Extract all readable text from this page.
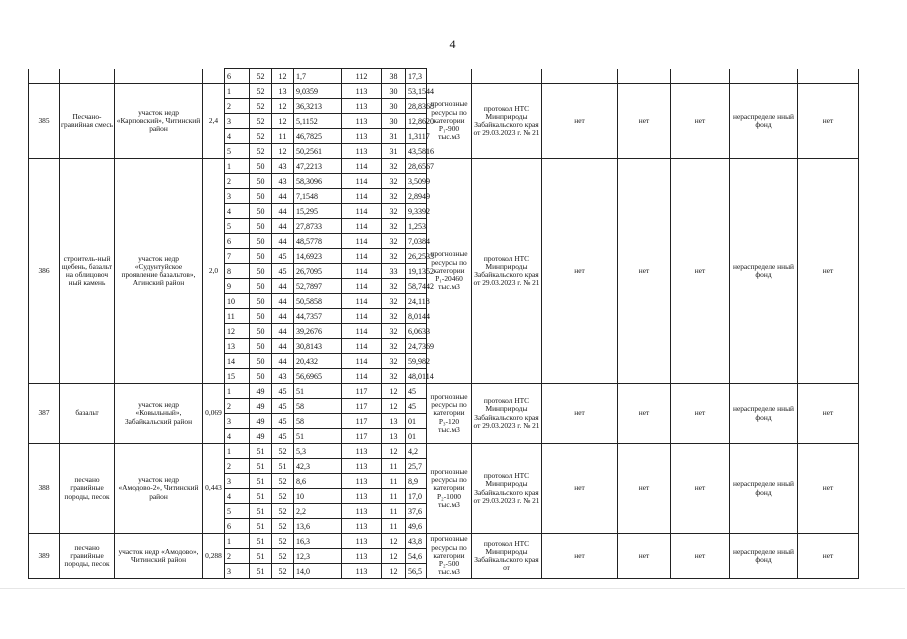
4
				6	52	12	1,7	112	38	17,3							
385	Песчано-гравийная смесь	участок недр «Карповский», Читинский район	2,4	1	52	13	9,0359	113	30	53,1544	прогнозные ресурсы по категории P₁-900 тыс.м3	протокол НТС Минприроды Забайкальского края от 29.03.2023 г. № 21	нет	нет	нет	нераспределе нный фонд	нет
				2	52	12	36,3213	113	30	28,8368							
				3	52	12	5,1152	113	30	12,8620							
				4	52	11	46,7825	113	31	1,3117							
				5	52	12	50,2561	113	31	43,5816							
386	строитель-ный щебень, базальт на облицовоч ный камень	участок недр «Судунтуйское проявление базальтов», Агинский район	2,0	1	50	43	47,2213	114	32	28,6567	прогнозные ресурсы по категории P₁-20460 тыс.м3	протокол НТС Минприроды Забайкальского края от 29.03.2023 г. № 21	нет	нет	нет	нераспределе нный фонд	нет
				2	50	43	58,3096	114	32	3,5099							
				3	50	44	7,1548	114	32	2,8949							
				4	50	44	15,295	114	32	9,3392							
				5	50	44	27,8733	114	32	1,253							
				6	50	44	48,5778	114	32	7,0384							
				7	50	45	14,6923	114	32	26,2533							
				8	50	45	26,7095	114	33	19,1352							
				9	50	44	52,7897	114	32	58,7442							
				10	50	44	50,5858	114	32	24,118							
				11	50	44	44,7357	114	32	8,0144							
				12	50	44	39,2676	114	32	6,0633							
				13	50	44	30,8143	114	32	24,7369							
				14	50	44	20,432	114	32	59,982							
				15	50	43	56,6965	114	32	48,0114							
387	базальт	участок недр «Ковыльный», Забайкальский район	0,069	1	49	45	51	117	12	45	прогнозные ресурсы по категории P₃-120 тыс.м3	протокол НТС Минприроды Забайкальского края от 29.03.2023 г. № 21	нет	нет	нет	нераспределе нный фонд	нет
				2	49	45	58	117	12	45							
				3	49	45	58	117	13	01							
				4	49	45	51	117	13	01							
388	песчано гравийные породы, песок	участок недр «Амодово-2», Читинский район	0,443	1	51	52	5,3	113	12	4,2	прогнозные ресурсы по категории P₂-1000 тыс.м3	протокол НТС Минприроды Забайкальского края от 29.03.2023 г. № 21	нет	нет	нет	нераспределе нный фонд	нет
				2	51	51	42,3	113	11	25,7							
				3	51	52	8,6	113	11	8,9							
				4	51	52	10	113	11	17,0							
				5	51	52	2,2	113	11	37,6							
				6	51	52	13,6	113	11	49,6							
389	песчано гравийные породы, песок	участок недр «Амодово», Читинский район	0,288	1	51	52	16,3	113	12	43,8	прогнозные ресурсы по категории P₂-500 тыс.м3	протокол НТС Минприроды Забайкальского края от	нет	нет	нет	нераспределе нный фонд	нет
				2	51	52	12,3	113	12	54,6							
				3	51	52	14,0	113	12	56,5							
